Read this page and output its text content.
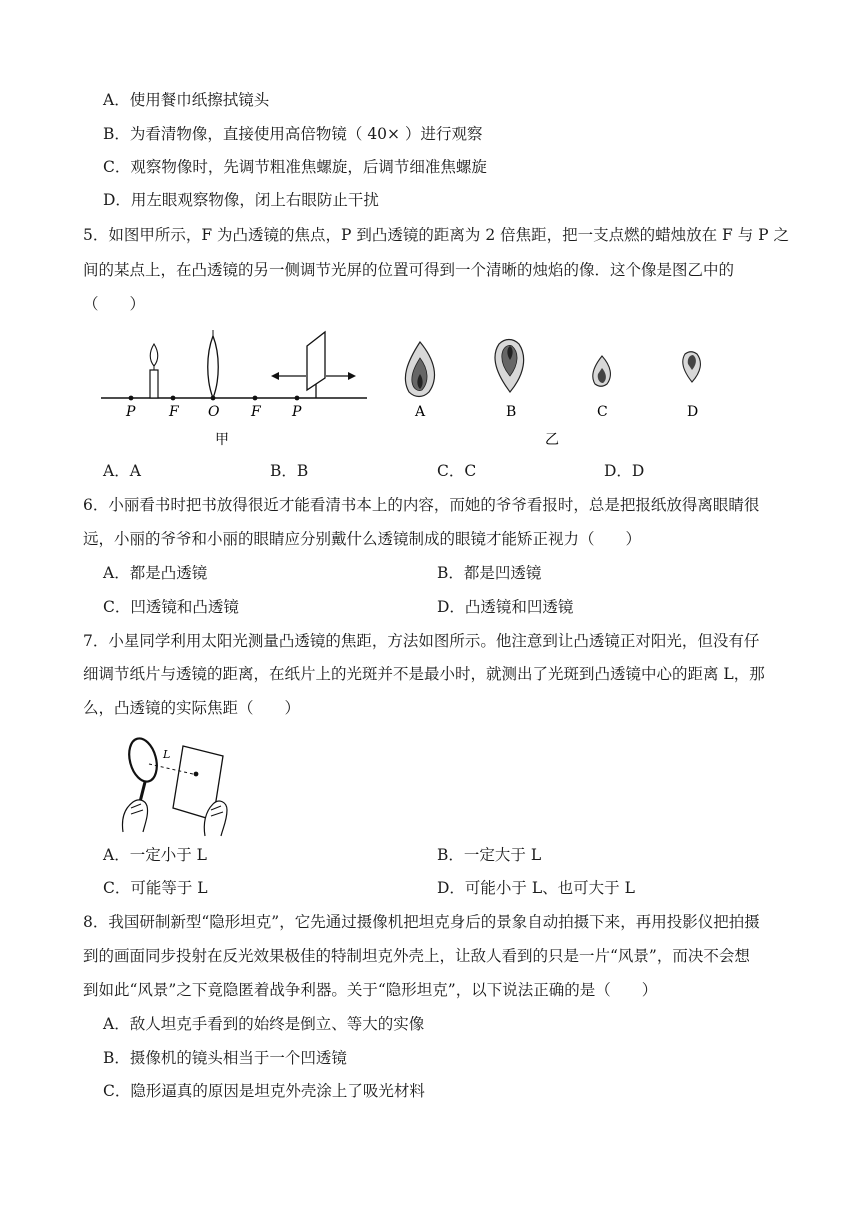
A．使用餐巾纸擦拭镜头
B．为看清物像，直接使用高倍物镜（ 40× ）进行观察
C．观察物像时，先调节粗准焦螺旋，后调节细准焦螺旋
D．用左眼观察物像，闭上右眼防止干扰
5．如图甲所示，F 为凸透镜的焦点，P 到凸透镜的距离为 2 倍焦距，把一支点燃的蜡烛放在 F 与 P 之
间的某点上，在凸透镜的另一侧调节光屏的位置可得到一个清晰的烛焰的像．这个像是图乙中的
（　　）
P F O F P
甲
A	B	C	D
乙
A．A	B．B	C．C	D．D
6．小丽看书时把书放得很近才能看清书本上的内容，而她的爷爷看报时，总是把报纸放得离眼睛很
远，小丽的爷爷和小丽的眼睛应分别戴什么透镜制成的眼镜才能矫正视力（　　）
A．都是凸透镜	B．都是凹透镜
C．凹透镜和凸透镜	D．凸透镜和凹透镜
7．小星同学利用太阳光测量凸透镜的焦距，方法如图所示。他注意到让凸透镜正对阳光，但没有仔
细调节纸片与透镜的距离，在纸片上的光斑并不是最小时，就测出了光斑到凸透镜中心的距离 L，那
么，凸透镜的实际焦距（　　）
L
A．一定小于 L	B．一定大于 L
C．可能等于 L	D．可能小于 L、也可大于 L
8．我国研制新型“隐形坦克”，它先通过摄像机把坦克身后的景象自动拍摄下来，再用投影仪把拍摄
到的画面同步投射在反光效果极佳的特制坦克外壳上，让敌人看到的只是一片“风景”，而决不会想
到如此“风景”之下竟隐匿着战争利器。关于“隐形坦克”，以下说法正确的是（　　）
A．敌人坦克手看到的始终是倒立、等大的实像
B．摄像机的镜头相当于一个凹透镜
C．隐形逼真的原因是坦克外壳涂上了吸光材料
